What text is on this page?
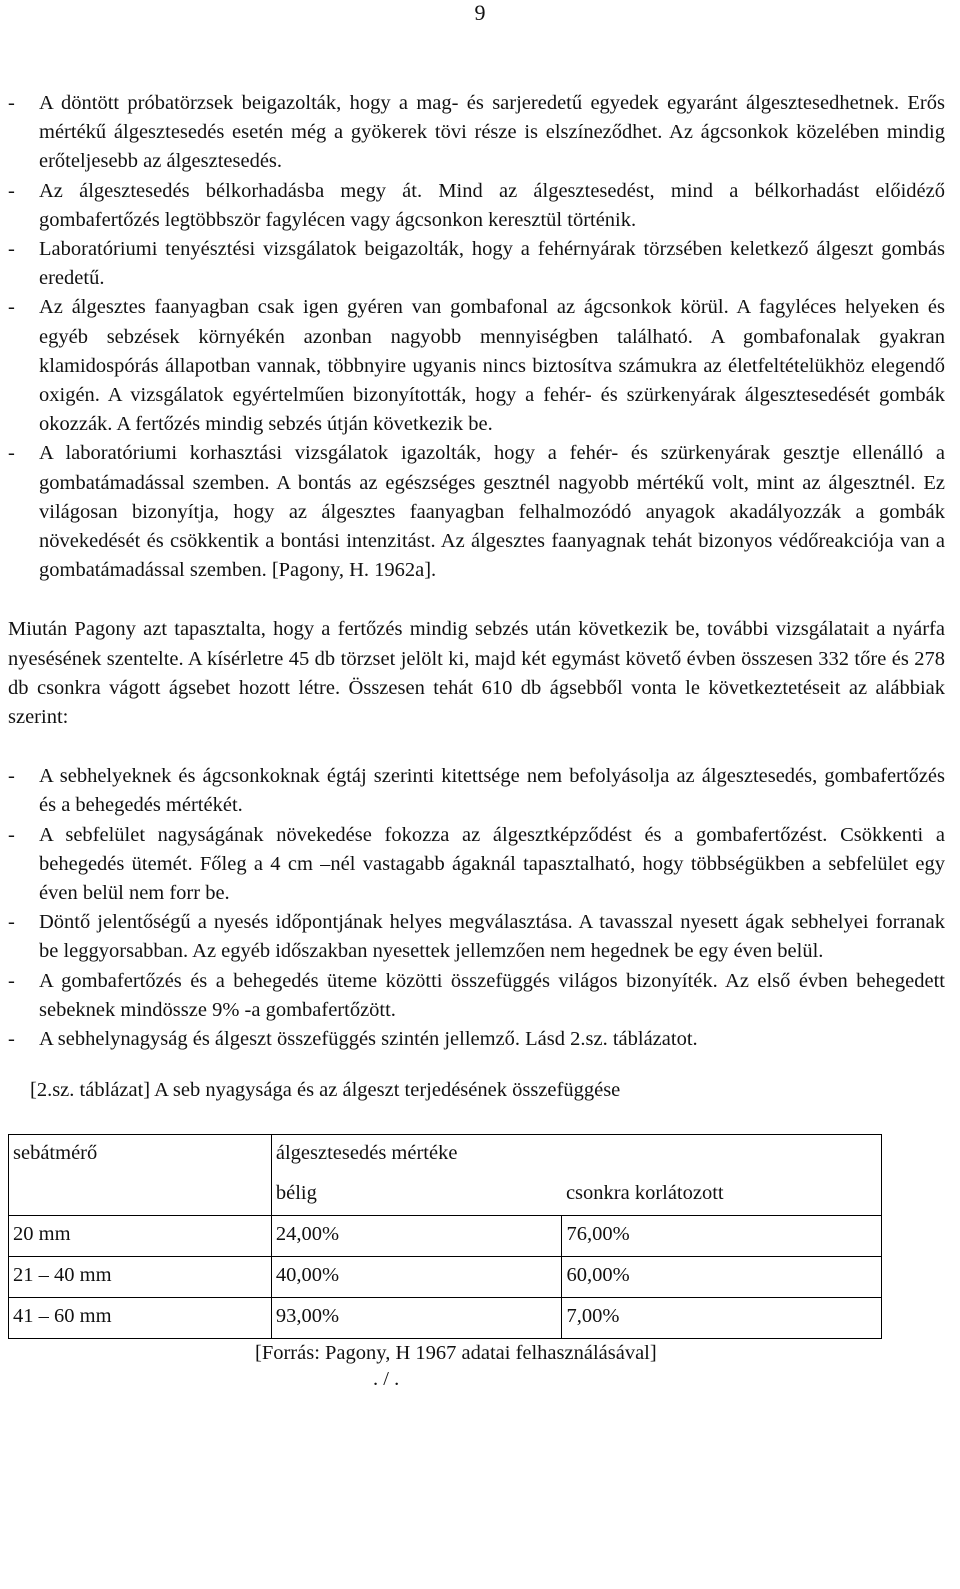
9
- A döntött próbatörzsek beigazolták, hogy a mag- és sarjeredetű egyedek egyaránt álgesztesedhetnek. Erős mértékű álgesztesedés esetén még a gyökerek tövi része is elszíneződhet. Az ágcsonkok közelében mindig erőteljesebb az álgesztesedés.
- Az álgesztesedés bélkorhadásba megy át. Mind az álgesztesedést, mind a bélkorhadást előidéző gombafertőzés legtöbbször fagylécen vagy ágcsonkon keresztül történik.
- Laboratóriumi tenyésztési vizsgálatok beigazolták, hogy a fehérnyárak törzsében keletkező álgeszt gombás eredetű.
- Az álgesztes faanyagban csak igen gyéren van gombafonal az ágcsonkok körül. A fagyléces helyeken és egyéb sebzések környékén azonban nagyobb mennyiségben található. A gombafonalak gyakran klamidospórás állapotban vannak, többnyire ugyanis nincs biztosítva számukra az életfeltételükhöz elegendő oxigén. A vizsgálatok egyértelműen bizonyították, hogy a fehér- és szürkenyárak álgesztesedését gombák okozzák. A fertőzés mindig sebzés útján következik be.
- A laboratóriumi korhasztási vizsgálatok igazolták, hogy a fehér- és szürkenyárak gesztje ellenálló a gombatámadással szemben. A bontás az egészséges gesztnél nagyobb mértékű volt, mint az álgesztnél. Ez világosan bizonyítja, hogy az álgesztes faanyagban felhalmozódó anyagok akadályozzák a gombák növekedését és csökkentik a bontási intenzitást. Az álgesztes faanyagnak tehát bizonyos védőreakciója van a gombatámadással szemben. [Pagony, H. 1962a].

Miután Pagony azt tapasztalta, hogy a fertőzés mindig sebzés után következik be, további vizsgálatait a nyárfa nyesésének szentelte. A kísérletre 45 db törzset jelölt ki, majd két egymást követő évben összesen 332 tőre és 278 db csonkra vágott ágsebet hozott létre. Összesen tehát 610 db ágsebből vonta le következtetéseit az alábbiak szerint:

- A sebhelyeknek és ágcsonkoknak égtáj szerinti kitettsége nem befolyásolja az álgesztesedés, gombafertőzés és a behegedés mértékét.
- A sebfelület nagyságának növekedése fokozza az álgesztképződést és a gombafertőzést. Csökkenti a behegedés ütemét. Főleg a 4 cm –nél vastagabb ágaknál tapasztalható, hogy többségükben a sebfelület egy éven belül nem forr be.
- Döntő jelentőségű a nyesés időpontjának helyes megválasztása. A tavasszal nyesett ágak sebhelyei forranak be leggyorsabban. Az egyéb időszakban nyesettek jellemzően nem hegednek be egy éven belül.
- A gombafertőzés és a behegedés üteme közötti összefüggés világos bizonyíték. Az első évben behegedett sebeknek mindössze 9% -a gombafertőzött.
- A sebhelynagyság és álgeszt összefüggés szintén jellemző. Lásd 2.sz. táblázatot.
[2.sz. táblázat] A seb nyagysága és az álgeszt terjedésének összefüggése
sebátmérő	álgesztesedés mértéke	
	bélig	csonkra korlátozott
20 mm	24,00%	76,00%
21 – 40 mm	40,00%	60,00%
41 – 60 mm	93,00%	7,00%
[Forrás: Pagony, H 1967 adatai felhasználásával]
. / .
